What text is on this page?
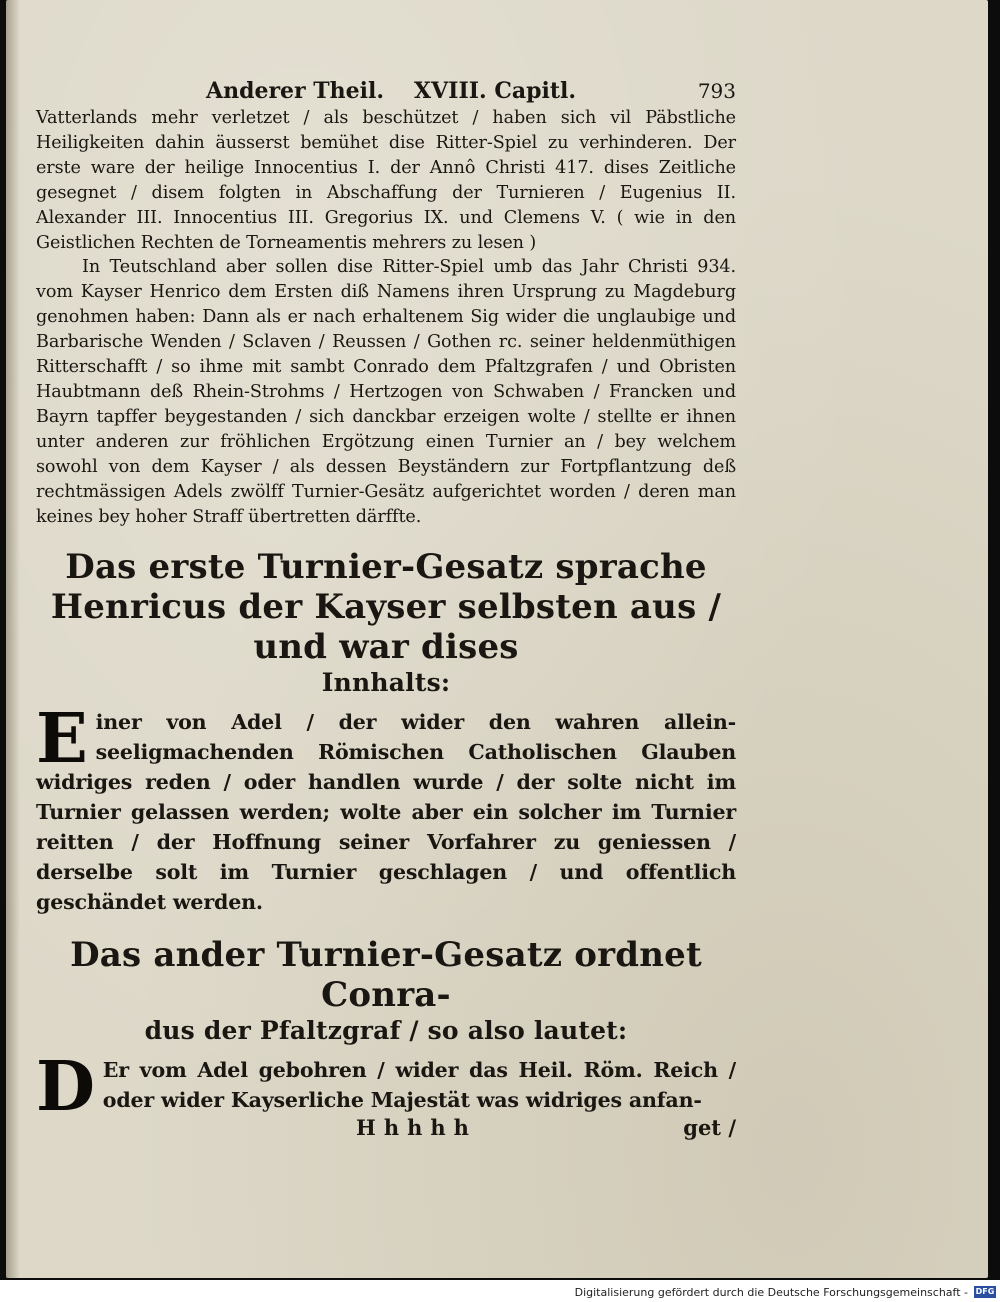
Anderer Theil.	XVIII. Capitl.	793

Vatterlands mehr verletzet / als beschützet / haben sich vil Päbstliche Heiligkeiten dahin äusserst bemühet dise Ritter-Spiel zu verhinderen. Der erste ware der heilige Innocentius I. der Annô Christi 417. dises Zeitliche gesegnet / disem folgten in Abschaffung der Turnieren / Eugenius II. Alexander III. Innocentius III. Gregorius IX. und Clemens V. ( wie in den Geistlichen Rechten de Torneamentis mehrers zu lesen )

In Teutschland aber sollen dise Ritter-Spiel umb das Jahr Christi 934. vom Kayser Henrico dem Ersten diß Namens ihren Ursprung zu Magdeburg genohmen haben: Dann als er nach erhaltenem Sig wider die unglaubige und Barbarische Wenden / Sclaven / Reussen / Gothen rc. seiner heldenmüthigen Ritterschafft / so ihme mit sambt Conrado dem Pfaltzgrafen / und Obristen Haubtmann deß Rhein-Strohms / Hertzogen von Schwaben / Francken und Bayrn tapffer beygestanden / sich danckbar erzeigen wolte / stellte er ihnen unter anderen zur fröhlichen Ergötzung einen Turnier an / bey welchem sowohl von dem Kayser / als dessen Beyständern zur Fortpflantzung deß rechtmässigen Adels zwölff Turnier-Gesätz aufgerichtet worden / deren man keines bey hoher Straff übertretten därffte.

Das erste Turnier-Gesatz sprache Henricus der Kayser selbsten aus / und war dises
Innhalts:

Einer von Adel / der wider den wahren allein-seeligmachenden Römischen Catholischen Glauben widriges reden / oder handlen wurde / der solte nicht im Turnier gelassen werden; wolte aber ein solcher im Turnier reitten / der Hoffnung seiner Vorfahrer zu geniessen / derselbe solt im Turnier geschlagen / und offentlich geschändet werden.

Das ander Turnier-Gesatz ordnet Conra-
dus der Pfaltzgraf / so also lautet:

D Er vom Adel gebohren / wider das Heil. Röm. Reich / oder wider Kayserliche Majestät was widriges anfan-

Hhhhh	get /
Digitalisierung gefördert durch die Deutsche Forschungsgemeinschaft - DFG
